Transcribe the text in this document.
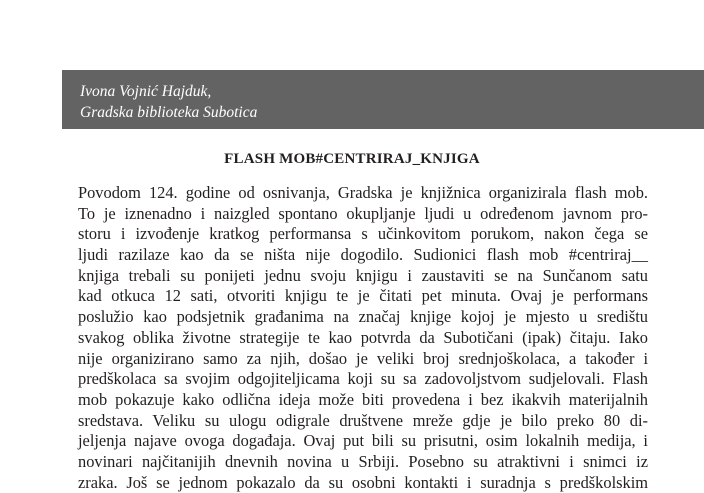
Ivona Vojnić Hajduk,
Gradska biblioteka Subotica
FLASH MOB#CENTRIRAJ_KNJIGA
Povodom 124. godine od osnivanja, Gradska je knjižnica organizirala flash mob.
To je iznenadno i naizgled spontano okupljanje ljudi u određenom javnom pro-
storu i izvođenje kratkog performansa s učinkovitom porukom, nakon čega se
ljudi razilaze kao da se ništa nije dogodilo. Sudionici flash mob #centriraj__
knjiga trebali su ponijeti jednu svoju knjigu i zaustaviti se na Sunčanom satu
kad otkuca 12 sati, otvoriti knjigu te je čitati pet minuta. Ovaj je performans
poslužio kao podsjetnik građanima na značaj knjige kojoj je mjesto u središtu
svakog oblika životne strategije te kao potvrda da Subotičani (ipak) čitaju. Iako
nije organizirano samo za njih, došao je veliki broj srednjoškolaca, a također i
predškolaca sa svojim odgojiteljicama koji su sa zadovoljstvom sudjelovali. Flash
mob pokazuje kako odlična ideja može biti provedena i bez ikakvih materijalnih
sredstava. Veliku su ulogu odigrale društvene mreže gdje je bilo preko 80 di-
jeljenja najave ovoga događaja. Ovaj put bili su prisutni, osim lokalnih medija, i
novinari najčitanijih dnevnih novina u Srbiji. Posebno su atraktivni i snimci iz
zraka. Još se jednom pokazalo da su osobni kontakti i suradnja s predškolskim
